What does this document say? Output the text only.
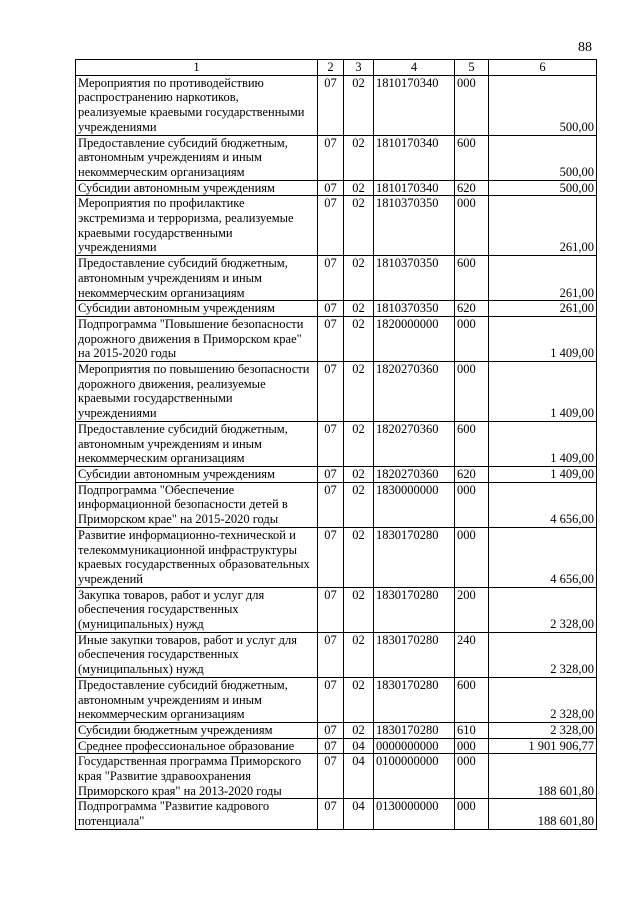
88
1	2	3	4	5	6
Мероприятия по противодействию
распространению наркотиков,
реализуемые краевыми государственными
учреждениями	07	02	1810170340	000	500,00
Предоставление субсидий бюджетным,
автономным учреждениям и иным
некоммерческим организациям	07	02	1810170340	600	500,00
Субсидии автономным учреждениям	07	02	1810170340	620	500,00
Мероприятия по профилактике
экстремизма и терроризма, реализуемые
краевыми государственными
учреждениями	07	02	1810370350	000	261,00
Предоставление субсидий бюджетным,
автономным учреждениям и иным
некоммерческим организациям	07	02	1810370350	600	261,00
Субсидии автономным учреждениям	07	02	1810370350	620	261,00
Подпрограмма "Повышение безопасности
дорожного движения в Приморском крае"
на 2015-2020 годы	07	02	1820000000	000	1 409,00
Мероприятия по повышению безопасности
дорожного движения, реализуемые
краевыми государственными
учреждениями	07	02	1820270360	000	1 409,00
Предоставление субсидий бюджетным,
автономным учреждениям и иным
некоммерческим организациям	07	02	1820270360	600	1 409,00
Субсидии автономным учреждениям	07	02	1820270360	620	1 409,00
Подпрограмма "Обеспечение
информационной безопасности детей в
Приморском крае" на 2015-2020 годы	07	02	1830000000	000	4 656,00
Развитие информационно-технической и
телекоммуникационной инфраструктуры
краевых государственных образовательных
учреждений	07	02	1830170280	000	4 656,00
Закупка товаров, работ и услуг для
обеспечения государственных
(муниципальных) нужд	07	02	1830170280	200	2 328,00
Иные закупки товаров, работ и услуг для
обеспечения государственных
(муниципальных) нужд	07	02	1830170280	240	2 328,00
Предоставление субсидий бюджетным,
автономным учреждениям и иным
некоммерческим организациям	07	02	1830170280	600	2 328,00
Субсидии бюджетным учреждениям	07	02	1830170280	610	2 328,00
Среднее профессиональное образование	07	04	0000000000	000	1 901 906,77
Государственная программа Приморского
края "Развитие здравоохранения
Приморского края" на 2013-2020 годы	07	04	0100000000	000	188 601,80
Подпрограмма "Развитие кадрового
потенциала"	07	04	0130000000	000	188 601,80
